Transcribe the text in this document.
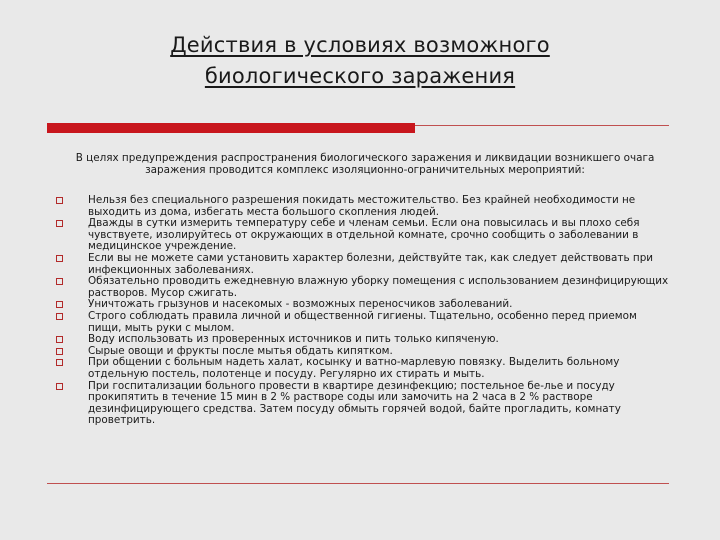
Действия в условиях возможного
биологического заражения
В целях предупреждения распространения биологического заражения и ликвидации возникшего очага заражения проводится комплекс изоляционно-ограничительных мероприятий:
Нельзя без специального разрешения покидать местожительство. Без крайней необходимости не выходить из дома, избегать места большого скопления людей.
Дважды в сутки измерить температуру себе и членам семьи. Если она повысилась и вы плохо себя чувствуете, изолируйтесь от окружающих в отдельной комнате, срочно сообщить о заболевании в медицинское учреждение.
Если вы не можете сами установить характер болезни, действуйте так, как следует действовать при инфекционных заболеваниях.
Обязательно проводить ежедневную влажную уборку помещения с использованием дезинфицирующих растворов. Мусор сжигать.
Уничтожать грызунов и насекомых - возможных переносчиков заболеваний.
Строго соблюдать правила личной и общественной гигиены. Тщательно, особенно перед приемом пищи, мыть руки с мылом.
Воду использовать из проверенных источников и пить только кипяченую.
Сырые овощи и фрукты после мытья обдать кипятком.
При общении с больным надеть халат, косынку и ватно-марлевую повязку. Выделить больному отдельную постель, полотенце и посуду. Регулярно их стирать и мыть.
При госпитализации больного провести в квартире дезинфекцию; постельное бе-лье и посуду прокипятить в течение 15 мин в 2 % растворе соды или замочить на 2 часа в 2 % растворе дезинфицирующего средства. Затем посуду обмыть горячей водой, байте прогладить, комнату проветрить.
